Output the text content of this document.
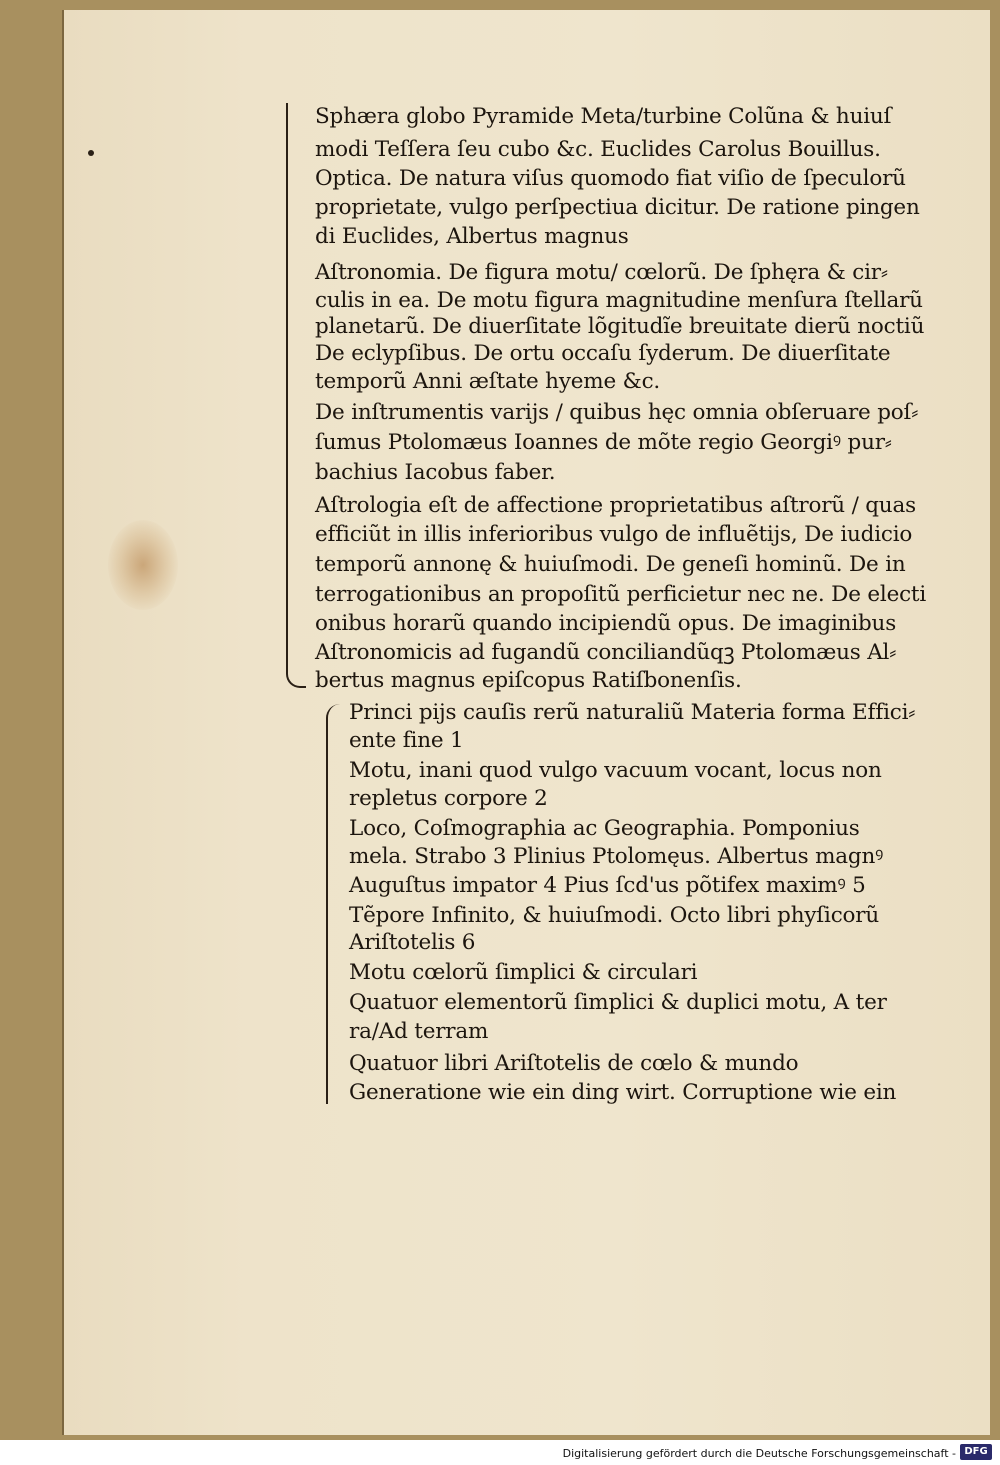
Sphæra globo Pyramide Meta/turbine Colũna & huiuſ

modi Teſſera ſeu cubo &c. Euclides Carolus Bouillus.

Optica. De natura viſus quomodo fiat viſio de ſpeculorũ

proprietate, vulgo perſpectiua dicitur. De ratione pingen

di Euclides, Albertus magnus

Aſtronomia. De figura motu/ cœlorũ. De ſphęra & cir⸗

culis in ea. De motu figura magnitudine menſura ſtellarũ

planetarũ. De diuerſitate lõgitudĩe breuitate dierũ noctiũ

De eclypſibus. De ortu occaſu ſyderum. De diuerſitate

temporũ Anni æſtate hyeme &c.

De inſtrumentis varijs / quibus hęc omnia obſeruare poſ⸗

ſumus Ptolomæus Ioannes de mõte regio Georgiꝰ pur⸗

bachius Iacobus faber.

Aſtrologia eſt de affectione proprietatibus aſtrorũ / quas

efficiũt in illis inferioribus vulgo de influẽtijs, De iudicio

temporũ annonę & huiuſmodi. De geneſi hominũ. De in

terrogationibus an propoſitũ perficietur nec ne. De electi

onibus horarũ quando incipiendũ opus. De imaginibus

Aſtronomicis ad fugandũ conciliandũqꝫ Ptolomæus Al⸗

bertus magnus epiſcopus Ratiſbonenſis.

Princi pijs cauſis rerũ naturaliũ Materia forma Effici⸗

ente fine 1

Motu, inani quod vulgo vacuum vocant, locus non

repletus corpore 2

Loco, Coſmographia ac Geographia. Pomponius

mela. Strabo 3 Plinius Ptolomęus. Albertus magnꝰ

Auguſtus impator 4 Pius ſcd'us põtifex maximꝰ 5

Tẽpore Infinito, & huiuſmodi. Octo libri phyſicorũ

Ariſtotelis 6

Motu cœlorũ ſimplici & circulari

Quatuor elementorũ ſimplici & duplici motu, A ter

ra/Ad terram

Quatuor libri Ariſtotelis de cœlo & mundo

Generatione wie ein ding wirt. Corruptione wie ein

Digitalisierung gefördert durch die Deutsche Forschungsgemeinschaft - DFG
